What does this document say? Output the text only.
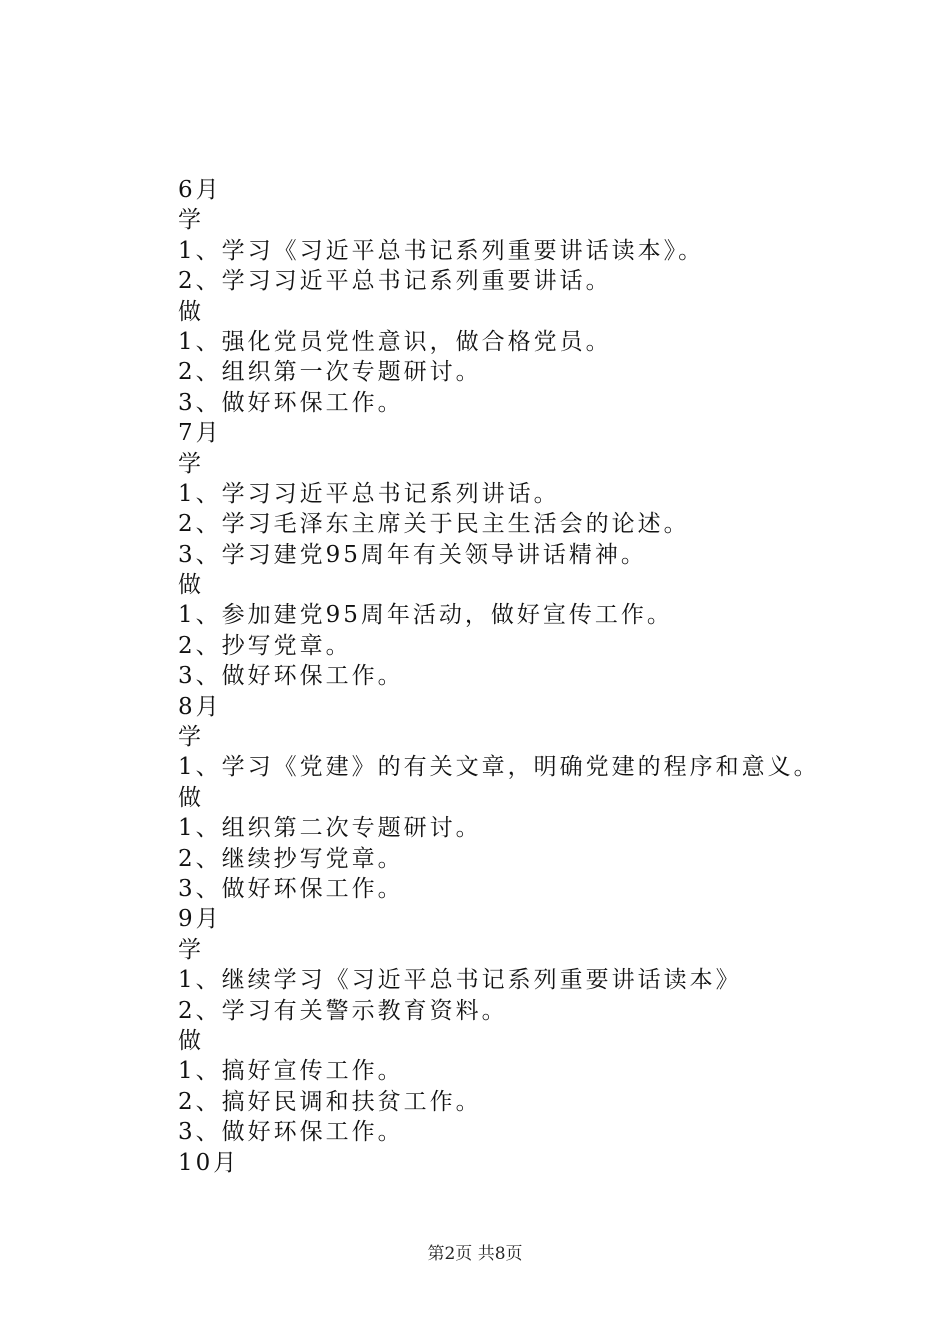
6月
学
1、学习《习近平总书记系列重要讲话读本》。
2、学习习近平总书记系列重要讲话。
做
1、强化党员党性意识，做合格党员。
2、组织第一次专题研讨。
3、做好环保工作。
7月
学
1、学习习近平总书记系列讲话。
2、学习毛泽东主席关于民主生活会的论述。
3、学习建党95周年有关领导讲话精神。
做
1、参加建党95周年活动，做好宣传工作。
2、抄写党章。
3、做好环保工作。
8月
学
1、学习《党建》的有关文章，明确党建的程序和意义。
做
1、组织第二次专题研讨。
2、继续抄写党章。
3、做好环保工作。
9月
学
1、继续学习《习近平总书记系列重要讲话读本》
2、学习有关警示教育资料。
做
1、搞好宣传工作。
2、搞好民调和扶贫工作。
3、做好环保工作。
10月
第2页 共8页
